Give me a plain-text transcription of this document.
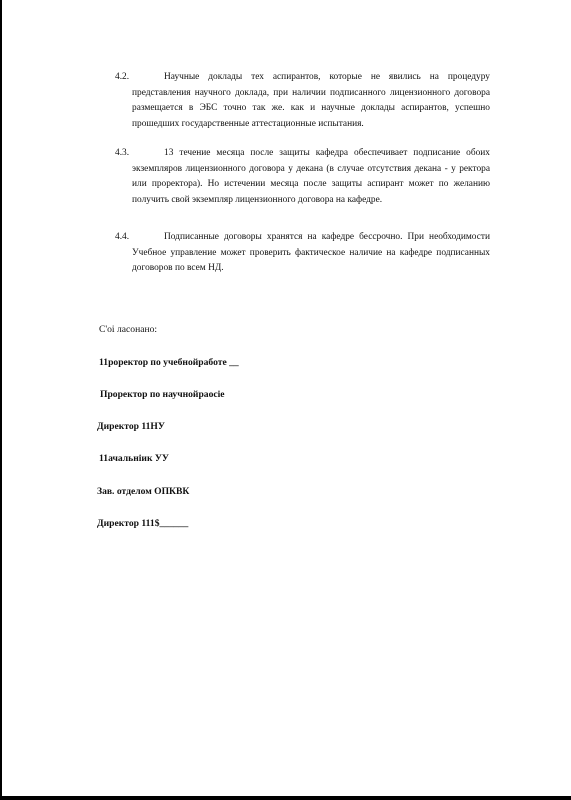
4.2.	Научные доклады тех аспирантов, которые не явились на процедуру представления научного доклада, при наличии подписанного лицензионного договора размещается в ЭБС точно так же. как и научные доклады аспирантов, успешно прошедших государственные аттестационные испытания.
4.3.	13 течение месяца после защиты кафедра обеспечивает подписание обоих экземпляров лицензионного договора у декана (в случае отсутствия декана - у ректора или проректора). Но истечении месяца после защиты аспирант может по желанию получить свой экземпляр лицензионного договора на кафедре.
4.4.	Подписанные договоры хранятся на кафедре бессрочно. При необходимости Учебное управление может проверить фактическое наличие на кафедре подписанных договоров по всем НД.
С'оі ласонано:
11роректор по учебнойработе __
Проректор по научнойраосіе
Директор 11НУ
11ачальніик УУ
Зав. отделом ОПКВК
Директор 111$______
